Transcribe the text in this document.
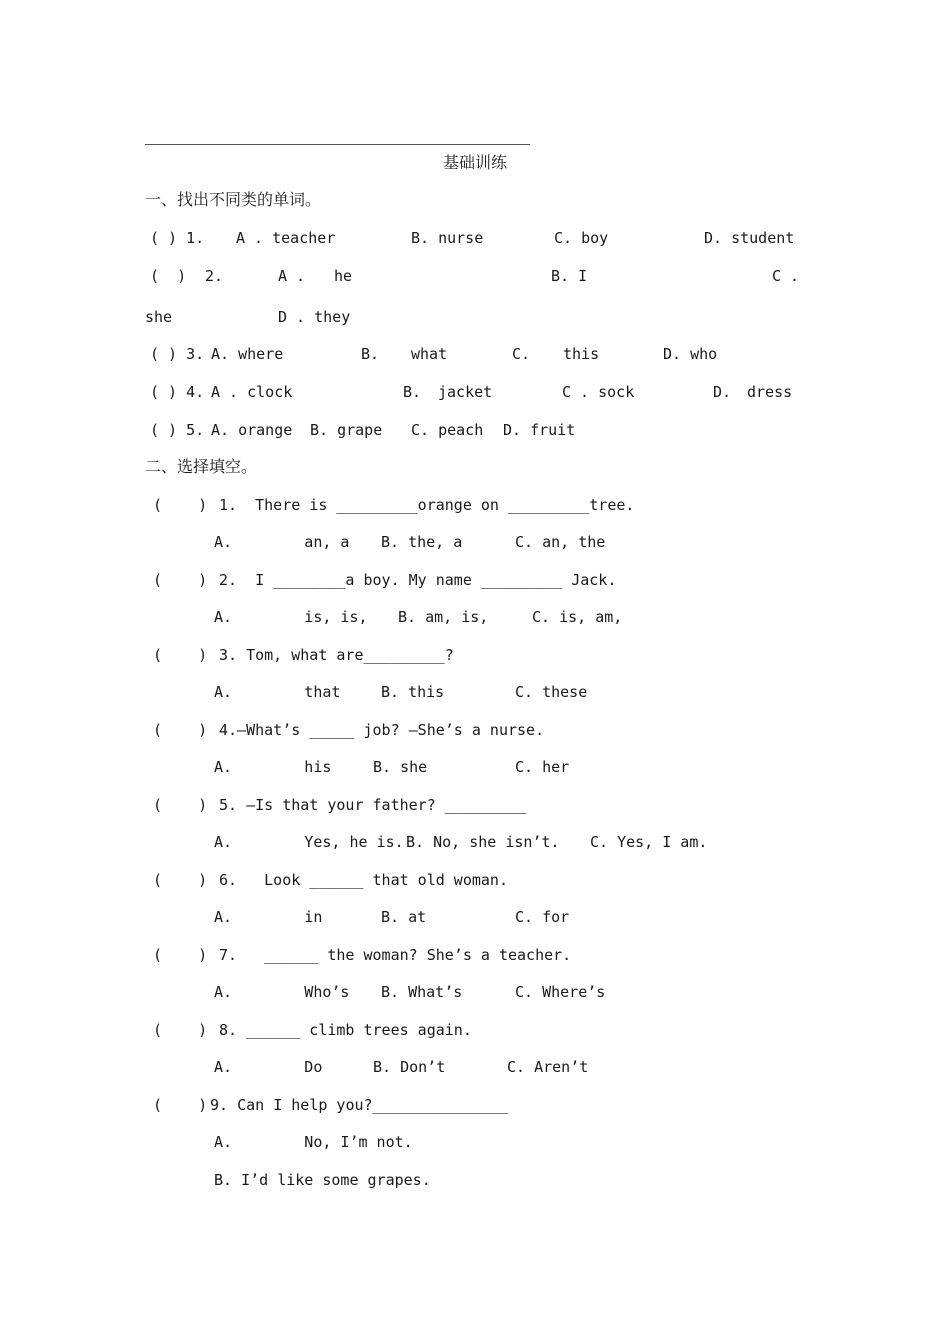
基础训练
一、找出不同类的单词。
( ) 1. A . teacher	B. nurse	C. boy	D. student
(  ) 2.	A . he	B. I	C .
she	D . they
( ) 3. A. where	B. what	C. this	D. who
( ) 4. A . clock	B. jacket	C . sock	D. dress
( ) 5. A. orange B. grape C. peach D. fruit
二、选择填空。
(    ) 1.  There is _________orange on _________tree.
A.        an, a B. the, a	C. an, the
(    ) 2.  I ________a boy. My name _________ Jack.
A.        is, is, B. am, is,	C. is, am,
(    ) 3. Tom, what are_________?
A.        that	B. this	C. these
(    ) 4.—What’s _____ job? —She’s a nurse.
A.        his	B. she	C. her
(    ) 5. —Is that your father? _________
A.        Yes, he is. B. No, she isn’t. C. Yes, I am.
(    ) 6.   Look ______ that old woman.
A.        in	B. at	C. for
(    ) 7.   ______ the woman? She’s a teacher.
A.        Who’s B. What’s	C. Where’s
(    ) 8. ______ climb trees again.
A.        Do	B. Don’t	C. Aren’t
(    ) 9. Can I help you?_______________
A.        No, I’m not.
B. I’d like some grapes.
